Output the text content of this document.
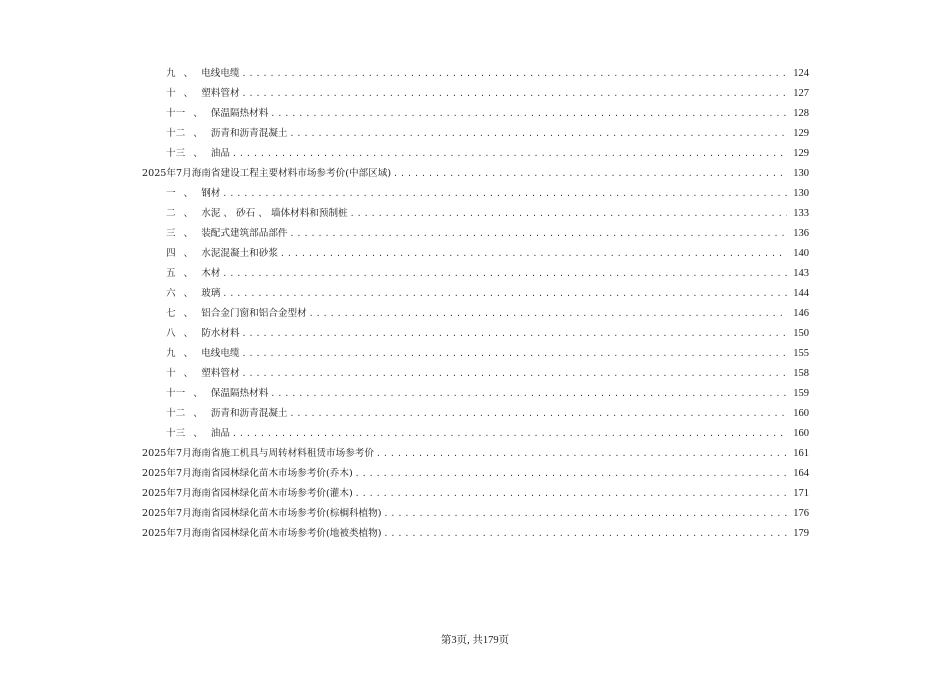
九 、 电线电缆 .....	124
十 、 塑料管材 .....	127
十一 、 保温隔热材料 .....	128
十二 、 沥青和沥青混凝土 .....	129
十三 、 油品 .....	129
2025年7月海南省建设工程主要材料市场参考价(中部区域) .....	130
一 、 钢材 .....	130
二 、 水泥 、 砂石 、 墙体材料和预制桩 .....	133
三 、 装配式建筑部品部件 .....	136
四 、 水泥混凝土和砂浆 .....	140
五 、 木材 .....	143
六 、 玻璃 .....	144
七 、 铝合金门窗和铝合金型材 .....	146
八 、 防水材料 .....	150
九 、 电线电缆 .....	155
十 、 塑料管材 .....	158
十一 、 保温隔热材料 .....	159
十二 、 沥青和沥青混凝土 .....	160
十三 、 油品 .....	160
2025年7月海南省施工机具与周转材料租赁市场参考价 .....	161
2025年7月海南省园林绿化苗木市场参考价(乔木) .....	164
2025年7月海南省园林绿化苗木市场参考价(灌木) .....	171
2025年7月海南省园林绿化苗木市场参考价(棕榈科植物) .....	176
2025年7月海南省园林绿化苗木市场参考价(地被类植物) .....	179
第3页, 共179页
